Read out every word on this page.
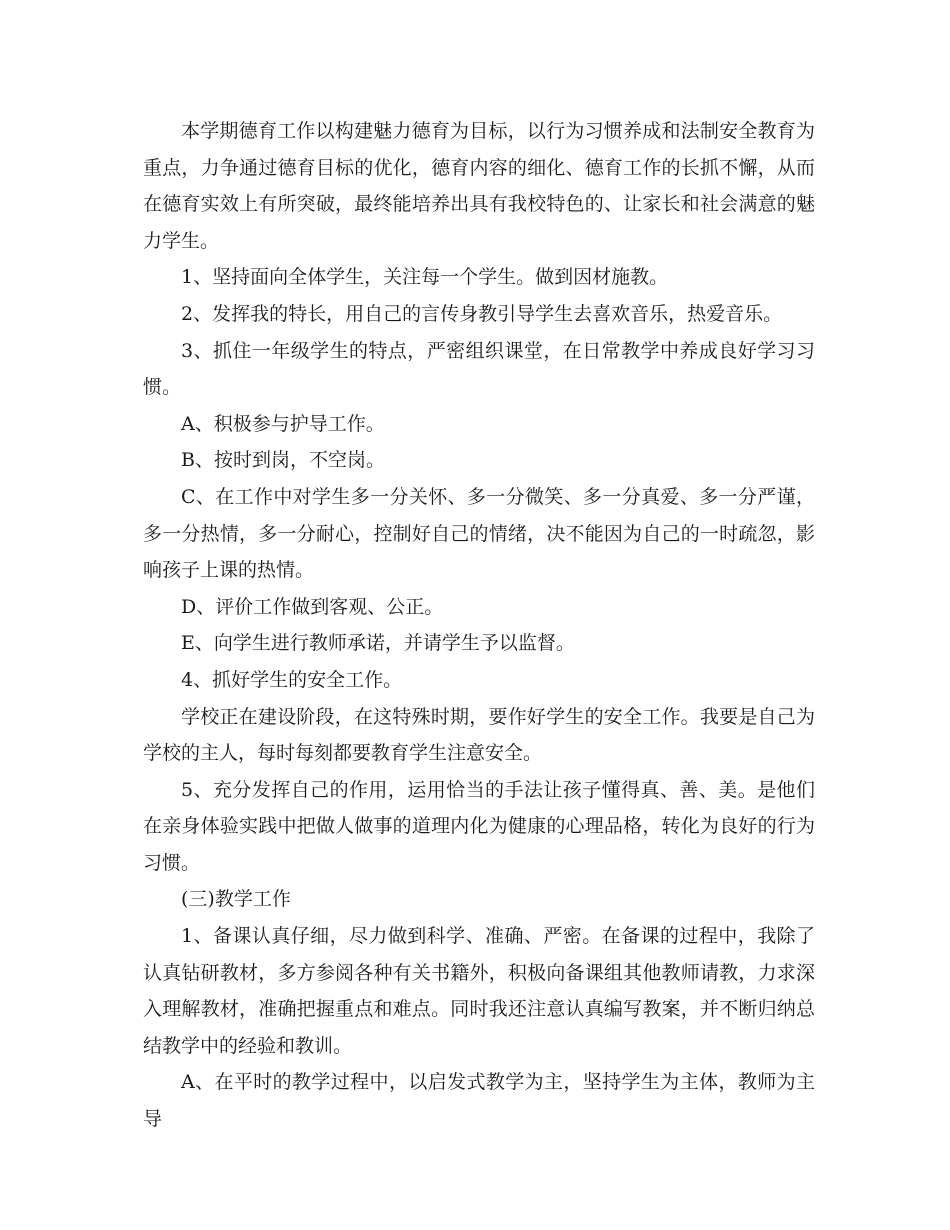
本学期德育工作以构建魅力德育为目标，以行为习惯养成和法制安全教育为重点，力争通过德育目标的优化，德育内容的细化、德育工作的长抓不懈，从而在德育实效上有所突破，最终能培养出具有我校特色的、让家长和社会满意的魅力学生。

1、坚持面向全体学生，关注每一个学生。做到因材施教。

2、发挥我的特长，用自己的言传身教引导学生去喜欢音乐，热爱音乐。

3、抓住一年级学生的特点，严密组织课堂，在日常教学中养成良好学习习惯。

A、积极参与护导工作。

B、按时到岗，不空岗。

C、在工作中对学生多一分关怀、多一分微笑、多一分真爱、多一分严谨，多一分热情，多一分耐心，控制好自己的情绪，决不能因为自己的一时疏忽，影响孩子上课的热情。

D、评价工作做到客观、公正。

E、向学生进行教师承诺，并请学生予以监督。

4、抓好学生的安全工作。

学校正在建设阶段，在这特殊时期，要作好学生的安全工作。我要是自己为学校的主人，每时每刻都要教育学生注意安全。

5、充分发挥自己的作用，运用恰当的手法让孩子懂得真、善、美。是他们在亲身体验实践中把做人做事的道理内化为健康的心理品格，转化为良好的行为习惯。

(三)教学工作

1、备课认真仔细，尽力做到科学、准确、严密。在备课的过程中，我除了认真钻研教材，多方参阅各种有关书籍外，积极向备课组其他教师请教，力求深入理解教材，准确把握重点和难点。同时我还注意认真编写教案，并不断归纳总结教学中的经验和教训。

A、在平时的教学过程中，以启发式教学为主，坚持学生为主体，教师为主导
